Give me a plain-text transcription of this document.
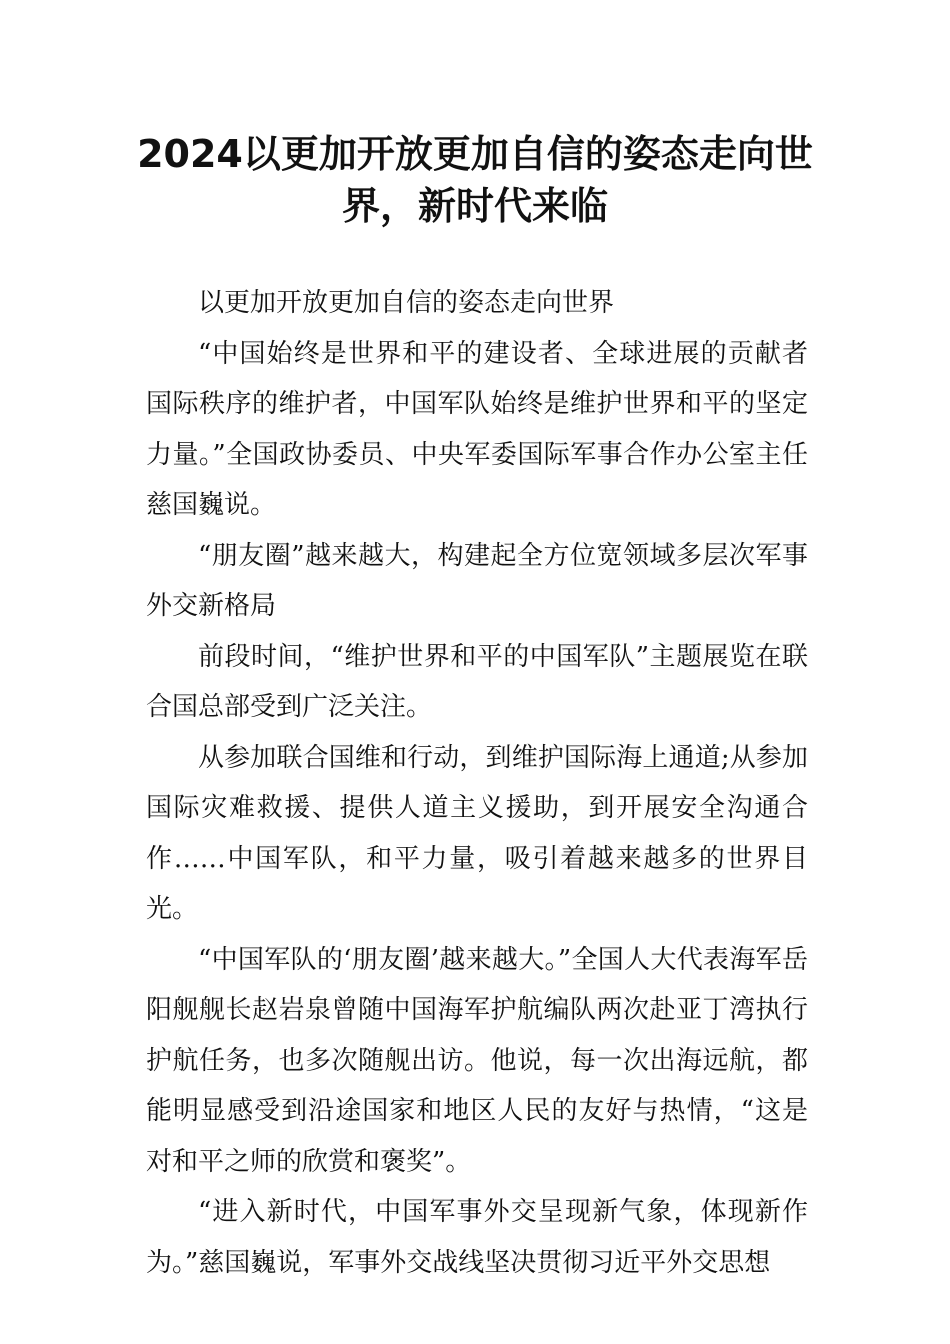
2024以更加开放更加自信的姿态走向世
界，新时代来临

以更加开放更加自信的姿态走向世界

“中国始终是世界和平的建设者、全球进展的贡献者国际秩序的维护者，中国军队始终是维护世界和平的坚定力量。”全国政协委员、中央军委国际军事合作办公室主任慈国巍说。

“朋友圈”越来越大，构建起全方位宽领域多层次军事外交新格局

前段时间，“维护世界和平的中国军队”主题展览在联合国总部受到广泛关注。

从参加联合国维和行动，到维护国际海上通道;从参加国际灾难救援、提供人道主义援助，到开展安全沟通合作……中国军队，和平力量，吸引着越来越多的世界目光。

“中国军队的‘朋友圈’越来越大。”全国人大代表海军岳阳舰舰长赵岩泉曾随中国海军护航编队两次赴亚丁湾执行护航任务，也多次随舰出访。他说，每一次出海远航，都能明显感受到沿途国家和地区人民的友好与热情，“这是对和平之师的欣赏和褒奖”。

“进入新时代，中国军事外交呈现新气象，体现新作为。”慈国巍说，军事外交战线坚决贯彻习近平外交思想
